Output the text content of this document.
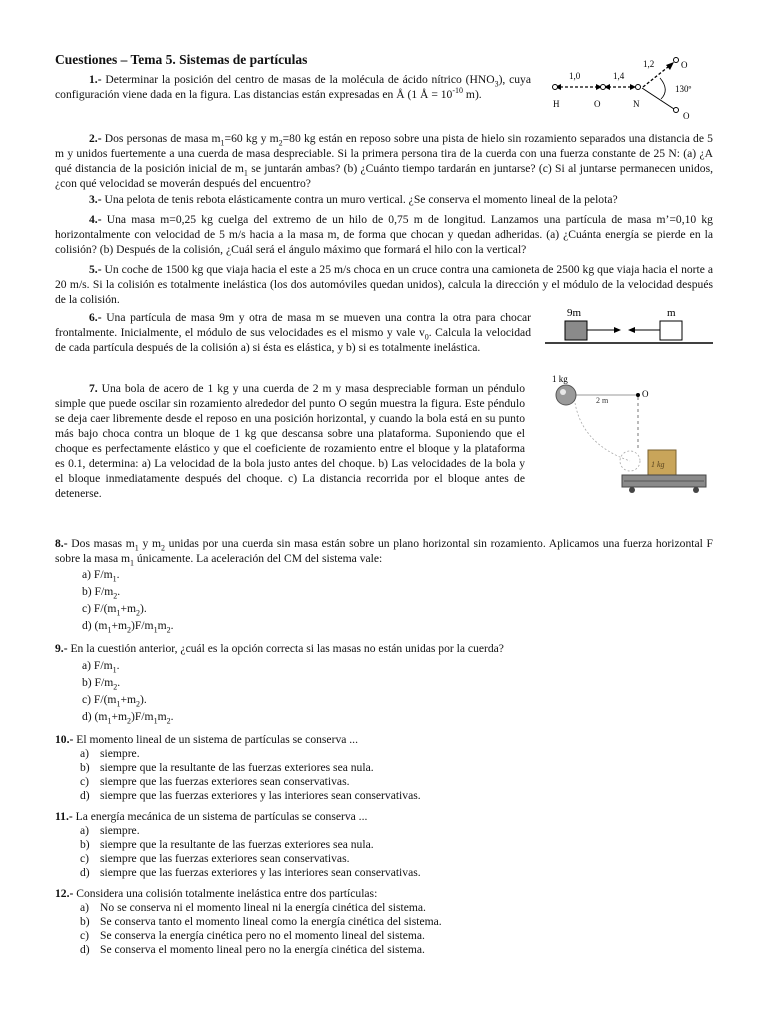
Cuestiones – Tema 5. Sistemas de partículas
1.- Determinar la posición del centro de masas de la molécula de ácido nítrico $(HNO_3)$, cuya configuración viene dada en la figura. Las distancias están expresadas en Å (1 Å = $10^{-10}$ m).
1,0	1,4
1,2
130º
H	O	N
O
O
2.- Dos personas de masa $m_1=60$ kg y $m_2=80$ kg están en reposo sobre una pista de hielo sin rozamiento separados una distancia de 5 m y unidos fuertemente a una cuerda de masa despreciable. Si la primera persona tira de la cuerda con una fuerza constante de 25 N: (a) ¿A qué distancia de la posición inicial de $m_1$ se juntarán ambas? (b) ¿Cuánto tiempo tardarán en juntarse? (c) Si al juntarse permanecen unidos, ¿con qué velocidad se moverán después del encuentro?
3.- Una pelota de tenis rebota elásticamente contra un muro vertical. ¿Se conserva el momento lineal de la pelota?
4.- Una masa m=0,25 kg cuelga del extremo de un hilo de 0,75 m de longitud. Lanzamos una partícula de masa m’=0,10 kg horizontalmente con velocidad de 5 m/s hacia a la masa m, de forma que chocan y quedan adheridas. (a) ¿Cuánta energía se pierde en la colisión? (b) Después de la colisión, ¿Cuál será el ángulo máximo que formará el hilo con la vertical?
5.- Un coche de 1500 kg que viaja hacia el este a 25 m/s choca en un cruce contra una camioneta de 2500 kg que viaja hacia el norte a 20 m/s. Si la colisión es totalmente inelástica (los dos automóviles quedan unidos), calcula la dirección y el módulo de la velocidad después de la colisión.
6.- Una partícula de masa 9m y otra de masa m se mueven una contra la otra para chocar frontalmente. Inicialmente, el módulo de sus velocidades es el mismo y vale $v_0$. Calcula la velocidad de cada partícula después de la colisión a) si ésta es elástica, y b) si es totalmente inelástica.
9m	m
7. Una bola de acero de 1 kg y una cuerda de 2 m y masa despreciable forman un péndulo simple que puede oscilar sin rozamiento alrededor del punto O según muestra la figura. Este péndulo se deja caer libremente desde el reposo en una posición horizontal, y cuando la bola está en su punto más bajo choca contra un bloque de 1 kg que descansa sobre una plataforma. Suponiendo que el choque es perfectamente elástico y que el coeficiente de rozamiento entre el bloque y la plataforma es 0.1, determina: a) La velocidad de la bola justo antes del choque. b) Las velocidades de la bola y el bloque inmediatamente después del choque. c) La distancia recorrida por el bloque antes de detenerse.
1 kg
2 m
O
1 kg
8.- Dos masas $m_1$ y $m_2$ unidas por una cuerda sin masa están sobre un plano horizontal sin rozamiento. Aplicamos una fuerza horizontal F sobre la masa $m_1$ únicamente. La aceleración del CM del sistema vale:
a) $F/m_1$.
b) $F/m_2$.
c) $F/(m_1+m_2)$.
d) $(m_1+m_2)F/m_1m_2$.
9.- En la cuestión anterior, ¿cuál es la opción correcta si las masas no están unidas por la cuerda?
a) $F/m_1$.
b) $F/m_2$.
c) $F/(m_1+m_2)$.
d) $(m_1+m_2)F/m_1m_2$.
10.- El momento lineal de un sistema de partículas se conserva ...
a) siempre.
b) siempre que la resultante de las fuerzas exteriores sea nula.
c) siempre que las fuerzas exteriores sean conservativas.
d) siempre que las fuerzas exteriores y las interiores sean conservativas.
11.- La energía mecánica de un sistema de partículas se conserva ...
a) siempre.
b) siempre que la resultante de las fuerzas exteriores sea nula.
c) siempre que las fuerzas exteriores sean conservativas.
d) siempre que las fuerzas exteriores y las interiores sean conservativas.
12.- Considera una colisión totalmente inelástica entre dos partículas:
a) No se conserva ni el momento lineal ni la energía cinética del sistema.
b) Se conserva tanto el momento lineal como la energía cinética del sistema.
c) Se conserva la energía cinética pero no el momento lineal del sistema.
d) Se conserva el momento lineal pero no la energía cinética del sistema.
